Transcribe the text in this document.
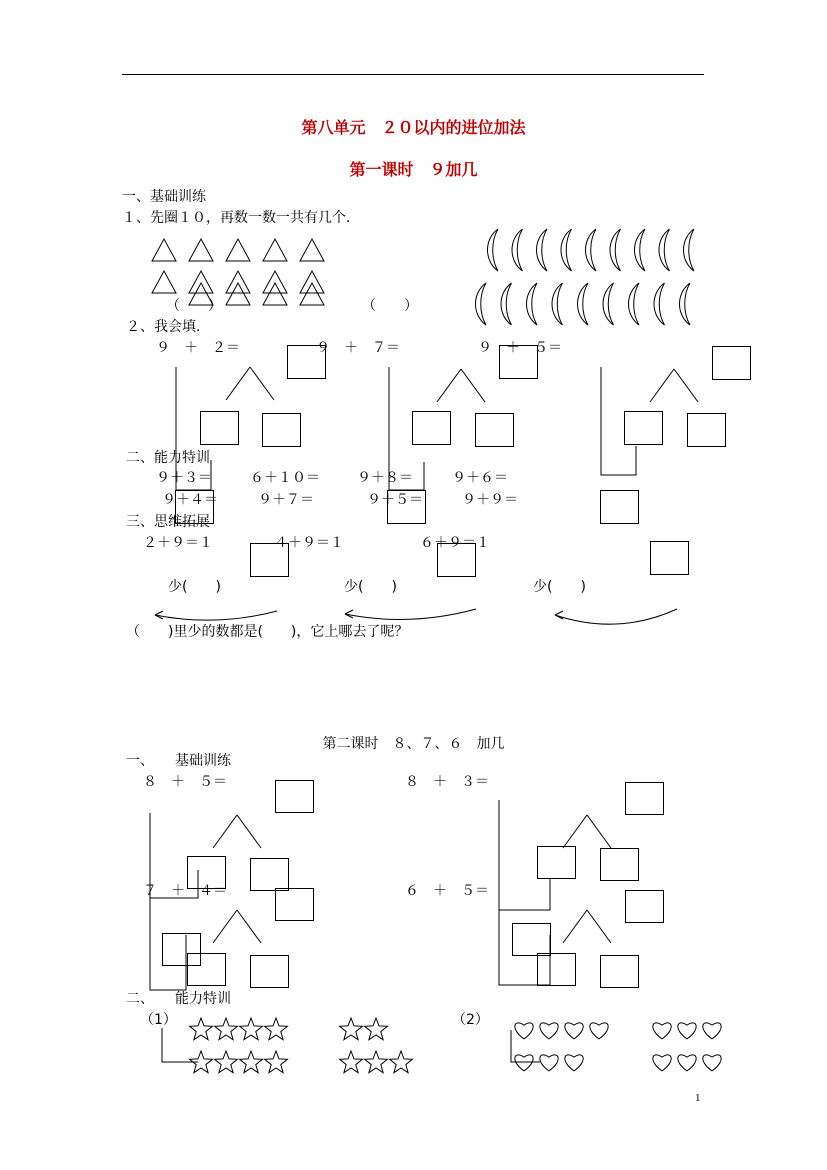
第八单元　２０以内的进位加法
第一课时　９加几
一、基础训练
１、先圈１０，再数一数一共有几个．
（　　）	（　　）
２、我会填．
９　＋　２＝	９　＋　７＝	９　＋　５＝
二、能力特训
９＋３＝	６＋１０＝	９＋８＝	９＋６＝
９＋４＝	９＋７＝	９＋５＝	９＋９＝
三、思维拓展
２＋９＝１	４＋９＝１	６＋９＝１
少(　　)	少(　　)	少(　　)
（　　)里少的数都是(　　)，它上哪去了呢？
第二课时　８、７、６　加几
一、　　基础训练
８　＋　５＝	８　＋　３＝
７　＋　４＝	６　＋　５＝
二、　　能力特训
（1）	（2）
1
